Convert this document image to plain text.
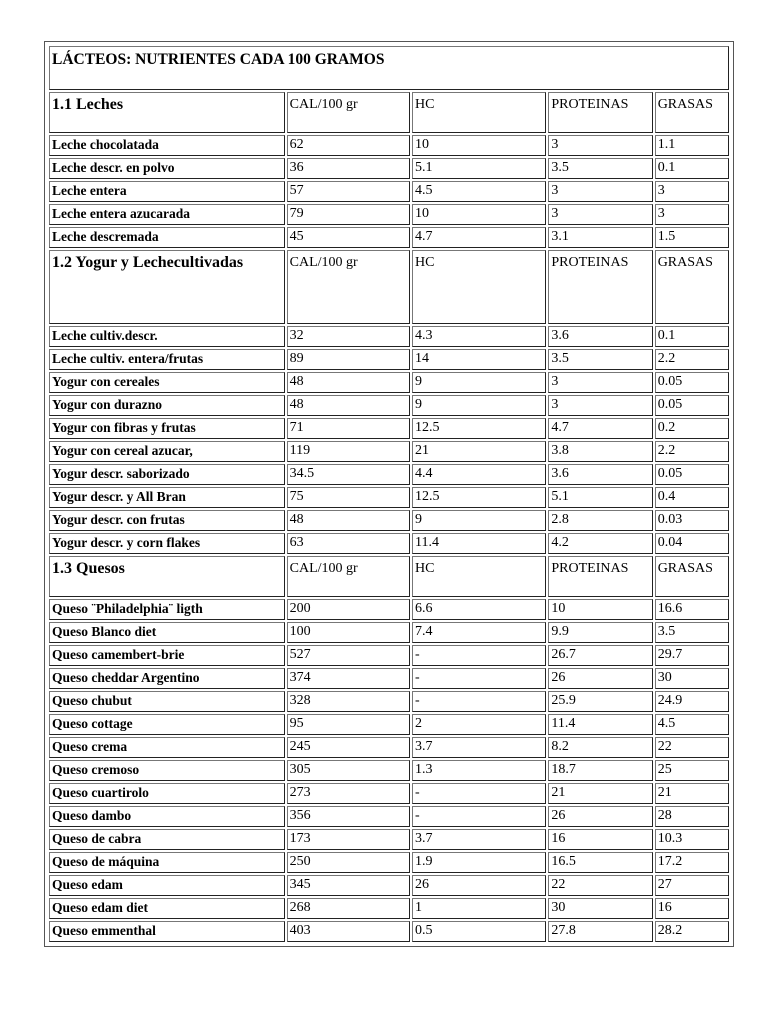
LÁCTEOS: NUTRIENTES CADA 100 GRAMOS				
1.1 Leches	CAL/100 gr	HC	PROTEINAS	GRASAS
Leche chocolatada	62	10	3	1.1
Leche descr. en polvo	36	5.1	3.5	0.1
Leche entera	57	4.5	3	3
Leche entera azucarada	79	10	3	3
Leche descremada	45	4.7	3.1	1.5
1.2 Yogur y Lechecultivadas	CAL/100 gr	HC	PROTEINAS	GRASAS
Leche cultiv.descr.	32	4.3	3.6	0.1
Leche cultiv. entera/frutas	89	14	3.5	2.2
Yogur con cereales	48	9	3	0.05
Yogur con durazno	48	9	3	0.05
Yogur con fibras y frutas	71	12.5	4.7	0.2
Yogur con cereal azucar,	119	21	3.8	2.2
Yogur descr. saborizado	34.5	4.4	3.6	0.05
Yogur descr. y All Bran	75	12.5	5.1	0.4
Yogur descr. con frutas	48	9	2.8	0.03
Yogur descr. y corn flakes	63	11.4	4.2	0.04
1.3 Quesos	CAL/100 gr	HC	PROTEINAS	GRASAS
Queso ¨Philadelphia¨ ligth	200	6.6	10	16.6
Queso Blanco diet	100	7.4	9.9	3.5
Queso camembert-brie	527	-	26.7	29.7
Queso cheddar Argentino	374	-	26	30
Queso chubut	328	-	25.9	24.9
Queso cottage	95	2	11.4	4.5
Queso crema	245	3.7	8.2	22
Queso cremoso	305	1.3	18.7	25
Queso cuartirolo	273	-	21	21
Queso dambo	356	-	26	28
Queso de cabra	173	3.7	16	10.3
Queso de máquina	250	1.9	16.5	17.2
Queso edam	345	26	22	27
Queso edam diet	268	1	30	16
Queso emmenthal	403	0.5	27.8	28.2
